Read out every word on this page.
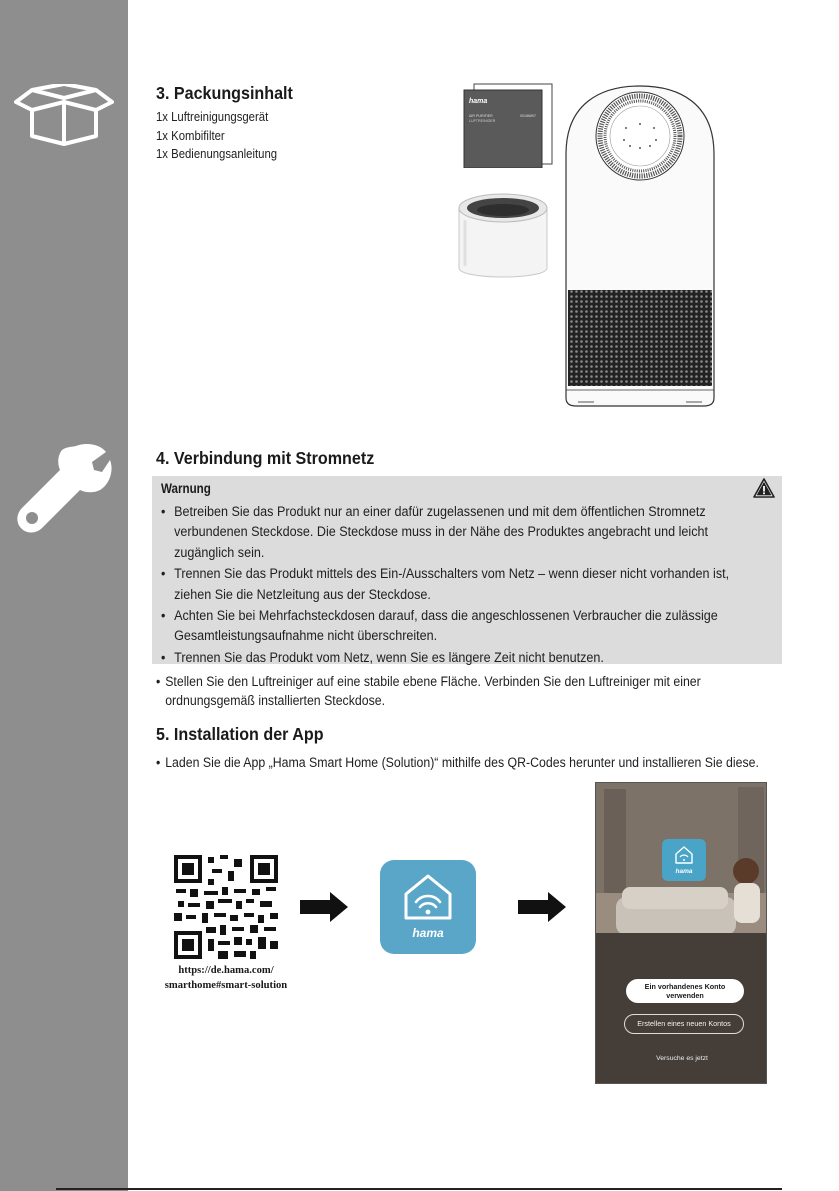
3. Packungsinhalt
1x Luftreinigungsgerät
1x Kombifilter
1x Bedienungsanleitung
hama
AIR PURIFIER
LUFTREINIGER
00186897
4. Verbindung mit Stromnetz
Warnung
• Betreiben Sie das Produkt nur an einer dafür zugelassenen und mit dem öffentlichen Stromnetz verbundenen Steckdose. Die Steckdose muss in der Nähe des Produktes angebracht und leicht zugänglich sein.
• Trennen Sie das Produkt mittels des Ein-/Ausschalters vom Netz – wenn dieser nicht vorhanden ist, ziehen Sie die Netzleitung aus der Steckdose.
• Achten Sie bei Mehrfachsteckdosen darauf, dass die angeschlossenen Verbraucher die zulässige Gesamtleistungsaufnahme nicht überschreiten.
• Trennen Sie das Produkt vom Netz, wenn Sie es längere Zeit nicht benutzen.
• Stellen Sie den Luftreiniger auf eine stabile ebene Fläche. Verbinden Sie den Luftreiniger mit einer ordnungsgemäß installierten Steckdose.
5. Installation der App
• Laden Sie die App „Hama Smart Home (Solution)“ mithilfe des QR-Codes herunter und installieren Sie diese.
https://de.hama.com/
smarthome#smart-solution
hama
hama
Ein vorhandenes Konto verwenden
Erstellen eines neuen Kontos
Versuche es jetzt
